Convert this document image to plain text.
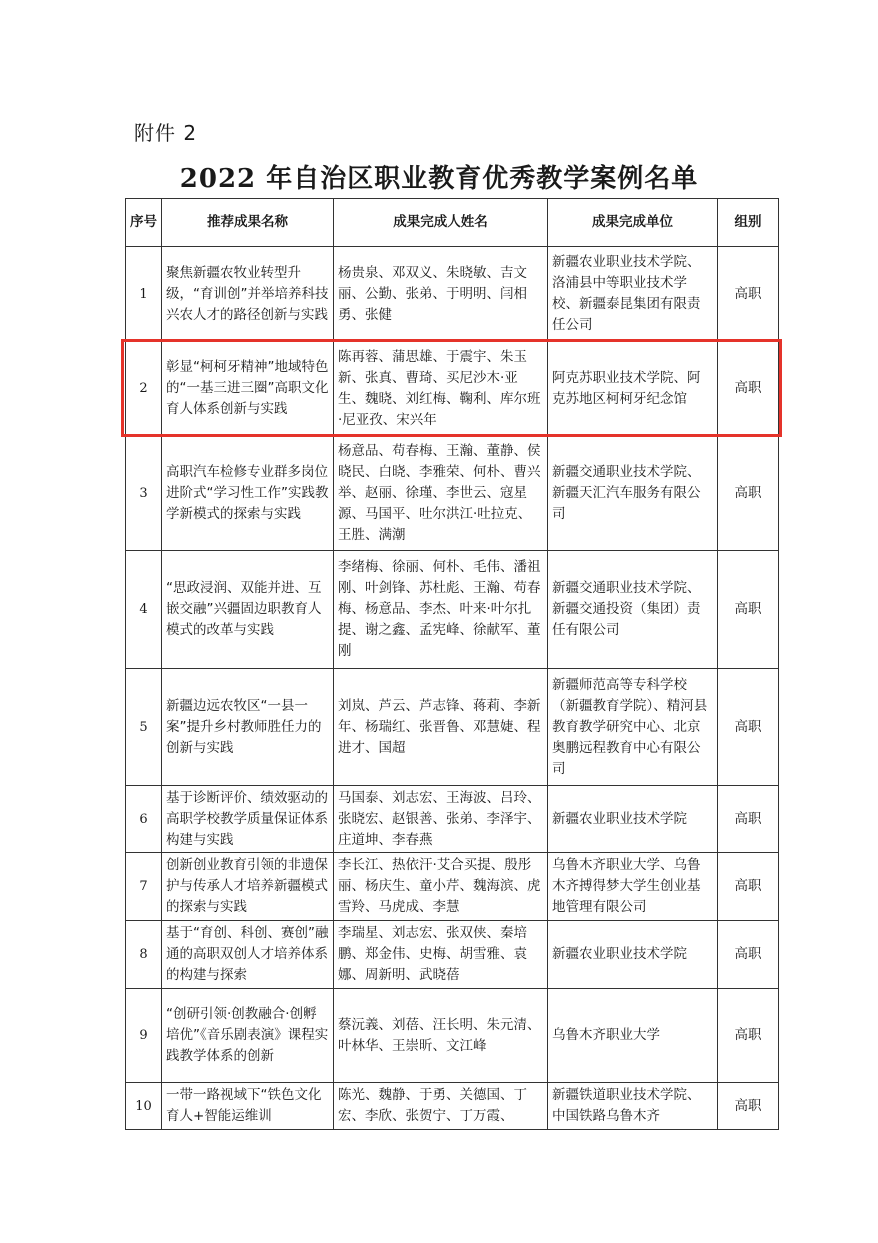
附件 2
2022 年自治区职业教育优秀教学案例名单
序号	推荐成果名称	成果完成人姓名	成果完成单位	组别
1	聚焦新疆农牧业转型升级，“育训创”并举培养科技兴农人才的路径创新与实践	杨贵泉、邓双义、朱晓敏、吉文丽、公勤、张弟、于明明、闫相勇、张健	新疆农业职业技术学院、洛浦县中等职业技术学校、新疆泰昆集团有限责任公司	高职
2	彰显“柯柯牙精神”地域特色的“一基三进三圈”高职文化育人体系创新与实践	陈再蓉、蒲思雄、于震宇、朱玉新、张真、曹琦、买尼沙木·亚生、魏晓、刘红梅、鞠利、库尔班·尼亚孜、宋兴年	阿克苏职业技术学院、阿克苏地区柯柯牙纪念馆	高职
3	高职汽车检修专业群多岗位进阶式“学习性工作”实践教学新模式的探索与实践	杨意品、苟春梅、王瀚、董静、侯晓民、白晓、李雅荣、何朴、曹兴举、赵丽、徐瑾、李世云、寇星源、马国平、吐尔洪江·吐拉克、王胜、满潮	新疆交通职业技术学院、新疆天汇汽车服务有限公司	高职
4	“思政浸润、双能并进、互嵌交融”兴疆固边职教育人模式的改革与实践	李绪梅、徐丽、何朴、毛伟、潘祖刚、叶剑锋、苏杜彪、王瀚、苟春梅、杨意品、李杰、叶来·叶尔扎提、谢之鑫、孟宪峰、徐献军、董刚	新疆交通职业技术学院、新疆交通投资（集团）责任有限公司	高职
5	新疆边远农牧区“一县一案”提升乡村教师胜任力的创新与实践	刘岚、芦云、芦志锋、蒋莉、李新年、杨瑞红、张晋鲁、邓慧婕、程进才、国超	新疆师范高等专科学校（新疆教育学院）、精河县教育教学研究中心、北京奥鹏远程教育中心有限公司	高职
6	基于诊断评价、绩效驱动的高职学校教学质量保证体系构建与实践	马国泰、刘志宏、王海波、吕玲、张晓宏、赵银善、张弟、李泽宇、庄道坤、李春燕	新疆农业职业技术学院	高职
7	创新创业教育引领的非遗保护与传承人才培养新疆模式的探索与实践	李长江、热依汗·艾合买提、殷彤丽、杨庆生、童小芹、魏海滨、虎雪羚、马虎成、李慧	乌鲁木齐职业大学、乌鲁木齐搏得梦大学生创业基地管理有限公司	高职
8	基于“育创、科创、赛创”融通的高职双创人才培养体系的构建与探索	李瑞星、刘志宏、张双侠、秦培鹏、郑金伟、史梅、胡雪雅、袁娜、周新明、武晓蓓	新疆农业职业技术学院	高职
9	“创研引领·创教融合·创孵培优”《音乐剧表演》课程实践教学体系的创新	蔡沅義、刘蓓、汪长明、朱元清、叶林华、王崇昕、文江峰	乌鲁木齐职业大学	高职
10	一带一路视域下“铁色文化育人+智能运维训	陈光、魏静、于勇、关德国、丁宏、李欣、张贺宁、丁万霞、	新疆铁道职业技术学院、中国铁路乌鲁木齐	高职
